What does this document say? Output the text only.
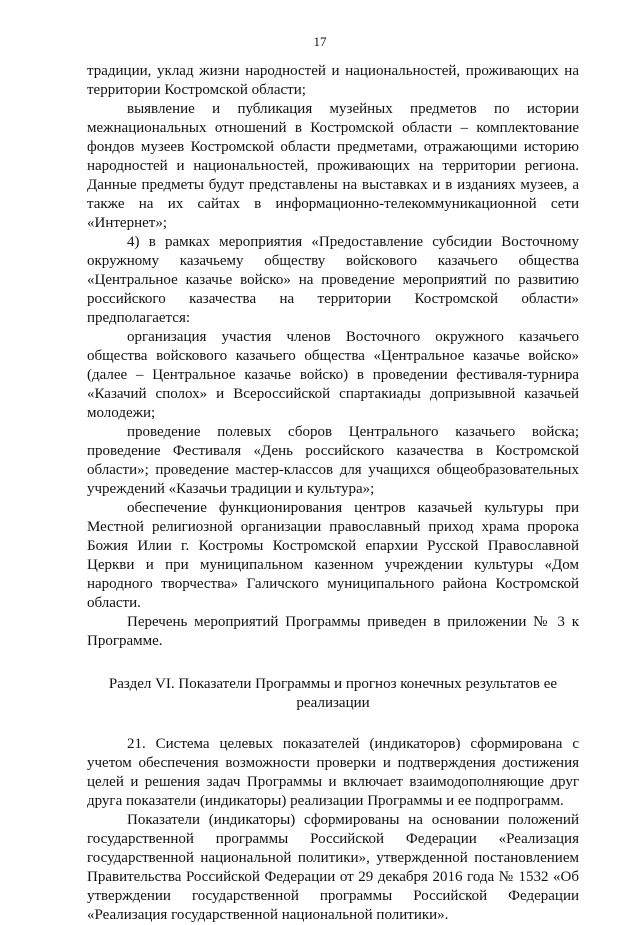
17

традиции, уклад жизни народностей и национальностей, проживающих на территории Костромской области;

выявление и публикация музейных предметов по истории межнациональных отношений в Костромской области – комплектование фондов музеев Костромской области предметами, отражающими историю народностей и национальностей, проживающих на территории региона. Данные предметы будут представлены на выставках и в изданиях музеев, а также на их сайтах в информационно-телекоммуникационной сети «Интернет»;

4) в рамках мероприятия «Предоставление субсидии Восточному окружному казачьему обществу войскового казачьего общества «Центральное казачье войско» на проведение мероприятий по развитию российского казачества на территории Костромской области» предполагается:

организация участия членов Восточного окружного казачьего общества войскового казачьего общества «Центральное казачье войско» (далее – Центральное казачье войско) в проведении фестиваля-турнира «Казачий сполох» и Всероссийской спартакиады допризывной казачьей молодежи;

проведение полевых сборов Центрального казачьего войска; проведение Фестиваля «День российского казачества в Костромской области»; проведение мастер-классов для учащихся общеобразовательных учреждений «Казачьи традиции и культура»;

обеспечение функционирования центров казачьей культуры при Местной религиозной организации православный приход храма пророка Божия Илии г. Костромы Костромской епархии Русской Православной Церкви и при муниципальном казенном учреждении культуры «Дом народного творчества» Галичского муниципального района Костромской области.

Перечень мероприятий Программы приведен в приложении № 3 к Программе.

Раздел VI. Показатели Программы и прогноз конечных результатов ее реализации

21. Система целевых показателей (индикаторов) сформирована с учетом обеспечения возможности проверки и подтверждения достижения целей и решения задач Программы и включает взаимодополняющие друг друга показатели (индикаторы) реализации Программы и ее подпрограмм.

Показатели (индикаторы) сформированы на основании положений государственной программы Российской Федерации «Реализация государственной национальной политики», утвержденной постановлением Правительства Российской Федерации от 29 декабря 2016 года № 1532 «Об утверждении государственной программы Российской Федерации «Реализация государственной национальной политики».
